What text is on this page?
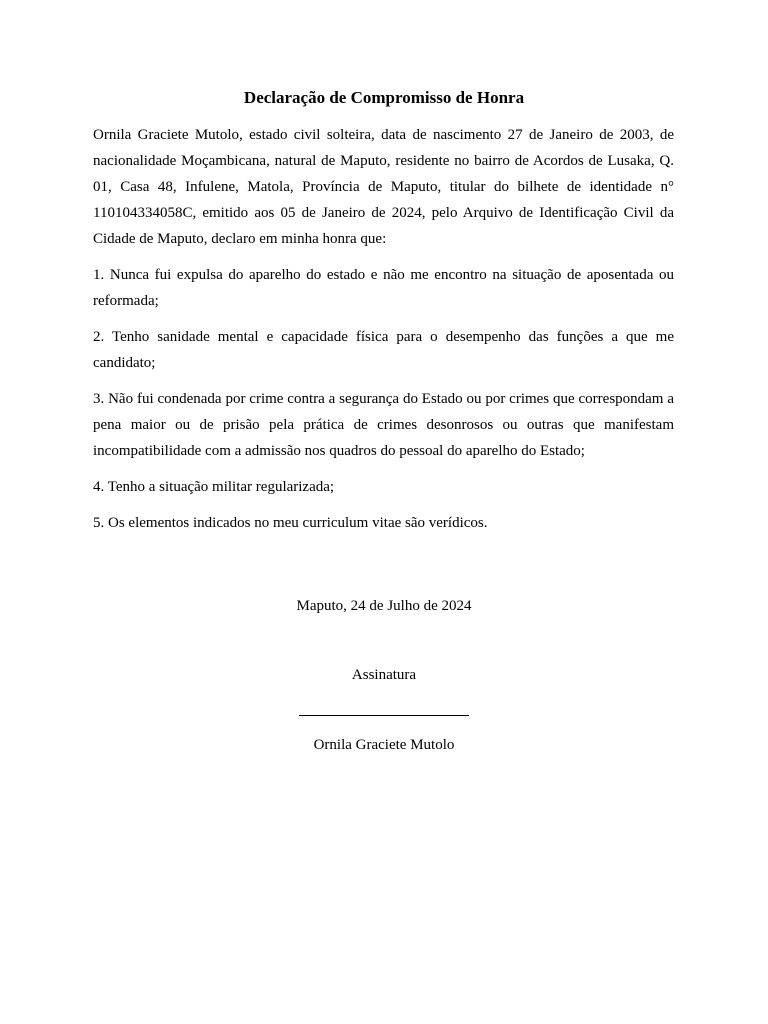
Declaração de Compromisso de Honra

Ornila Graciete Mutolo, estado civil solteira, data de nascimento 27 de Janeiro de 2003, de nacionalidade Moçambicana, natural de Maputo, residente no bairro de Acordos de Lusaka, Q. 01, Casa 48, Infulene, Matola, Província de Maputo, titular do bilhete de identidade n° 110104334058C, emitido aos 05 de Janeiro de 2024, pelo Arquivo de Identificação Civil da Cidade de Maputo, declaro em minha honra que:

1. Nunca fui expulsa do aparelho do estado e não me encontro na situação de aposentada ou reformada;

2. Tenho sanidade mental e capacidade física para o desempenho das funções a que me candidato;

3. Não fui condenada por crime contra a segurança do Estado ou por crimes que correspondam a pena maior ou de prisão pela prática de crimes desonrosos ou outras que manifestam incompatibilidade com a admissão nos quadros do pessoal do aparelho do Estado;

4. Tenho a situação militar regularizada;

5. Os elementos indicados no meu curriculum vitae são verídicos.

Maputo, 24 de Julho de 2024

Assinatura

Ornila Graciete Mutolo
